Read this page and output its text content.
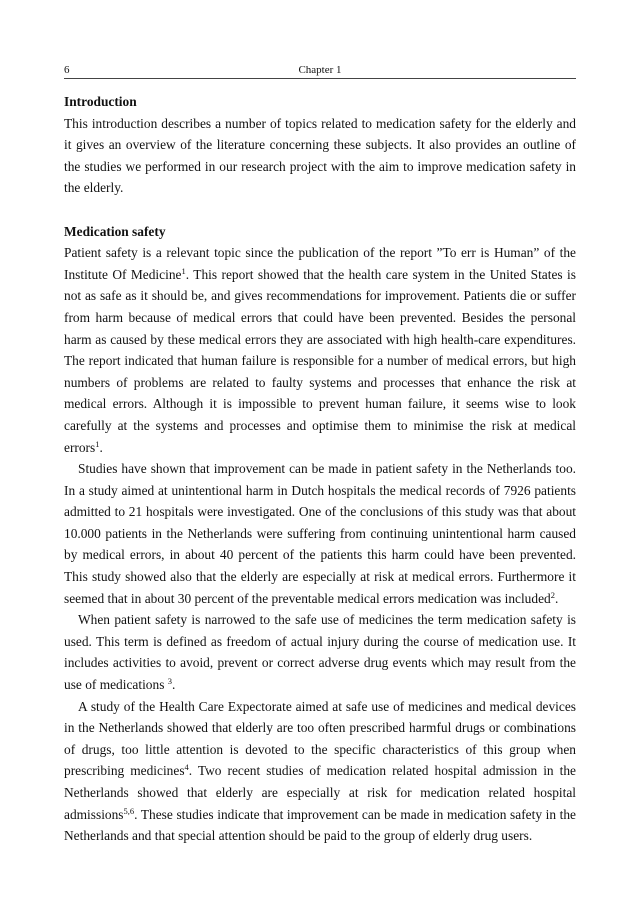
6	Chapter 1
Introduction

This introduction describes a number of topics related to medication safety for the elderly and it gives an overview of the literature concerning these subjects. It also provides an outline of the studies we performed in our research project with the aim to improve medication safety in the elderly.

Medication safety

Patient safety is a relevant topic since the publication of the report ”To err is Human” of the Institute Of Medicine$^1$. This report showed that the health care system in the United States is not as safe as it should be, and gives recommendations for improvement. Patients die or suffer from harm because of medical errors that could have been prevented. Besides the personal harm as caused by these medical errors they are associated with high health-care expenditures. The report indicated that human failure is responsible for a number of medical errors, but high numbers of problems are related to faulty systems and processes that enhance the risk at medical errors. Although it is impossible to prevent human failure, it seems wise to look carefully at the systems and processes and optimise them to minimise the risk at medical errors$^1$.

Studies have shown that improvement can be made in patient safety in the Netherlands too. In a study aimed at unintentional harm in Dutch hospitals the medical records of 7926 patients admitted to 21 hospitals were investigated. One of the conclusions of this study was that about 10.000 patients in the Netherlands were suffering from continuing unintentional harm caused by medical errors, in about 40 percent of the patients this harm could have been prevented. This study showed also that the elderly are especially at risk at medical errors. Furthermore it seemed that in about 30 percent of the preventable medical errors medication was included$^2$.

When patient safety is narrowed to the safe use of medicines the term medication safety is used. This term is defined as freedom of actual injury during the course of medication use. It includes activities to avoid, prevent or correct adverse drug events which may result from the use of medications $^3$.

A study of the Health Care Expectorate aimed at safe use of medicines and medical devices in the Netherlands showed that elderly are too often prescribed harmful drugs or combinations of drugs, too little attention is devoted to the specific characteristics of this group when prescribing medicines$^4$. Two recent studies of medication related hospital admission in the Netherlands showed that elderly are especially at risk for medication related hospital admissions$^{5,6}$. These studies indicate that improvement can be made in medication safety in the Netherlands and that special attention should be paid to the group of elderly drug users.
